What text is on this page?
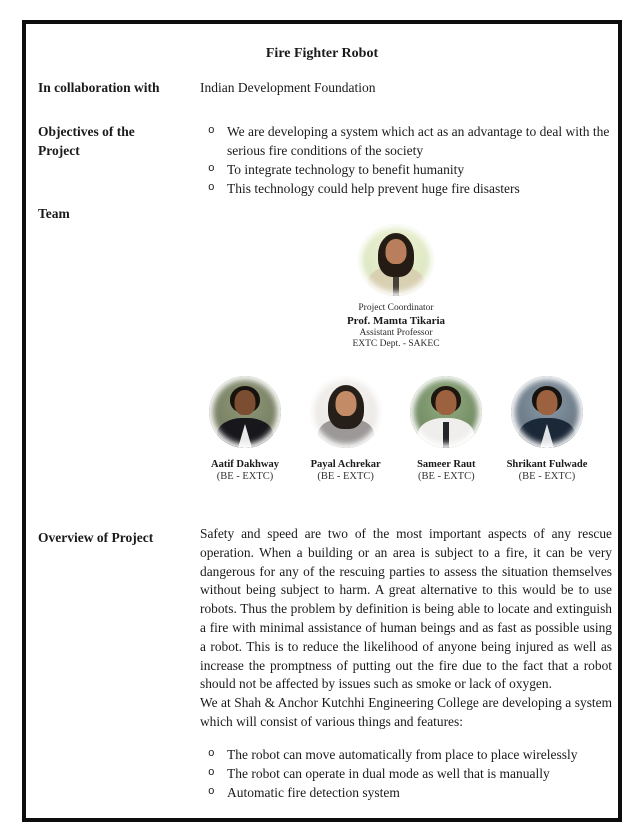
Fire Fighter Robot
In collaboration with	Indian Development Foundation
Objectives of the Project
o We are developing a system which act as an advantage to deal with the serious fire conditions of the society
o To integrate technology to benefit humanity
o This technology could help prevent huge fire disasters
Team
Project Coordinator
Prof. Mamta Tikaria
Assistant Professor
EXTC Dept. - SAKEC
Aatif Dakhway
(BE - EXTC)
Payal Achrekar
(BE - EXTC)
Sameer Raut
(BE - EXTC)
Shrikant Fulwade
(BE - EXTC)
Overview of Project	Safety and speed are two of the most important aspects of any rescue operation. When a building or an area is subject to a fire, it can be very dangerous for any of the rescuing parties to assess the situation themselves without being subject to harm. A great alternative to this would be to use robots. Thus the problem by definition is being able to locate and extinguish a fire with minimal assistance of human beings and as fast as possible using a robot. This is to reduce the likelihood of anyone being injured as well as increase the promptness of putting out the fire due to the fact that a robot should not be affected by issues such as smoke or lack of oxygen.

We at Shah & Anchor Kutchhi Engineering College are developing a system which will consist of various things and features:

o The robot can move automatically from place to place wirelessly
o The robot can operate in dual mode as well that is manually
o Automatic fire detection system
